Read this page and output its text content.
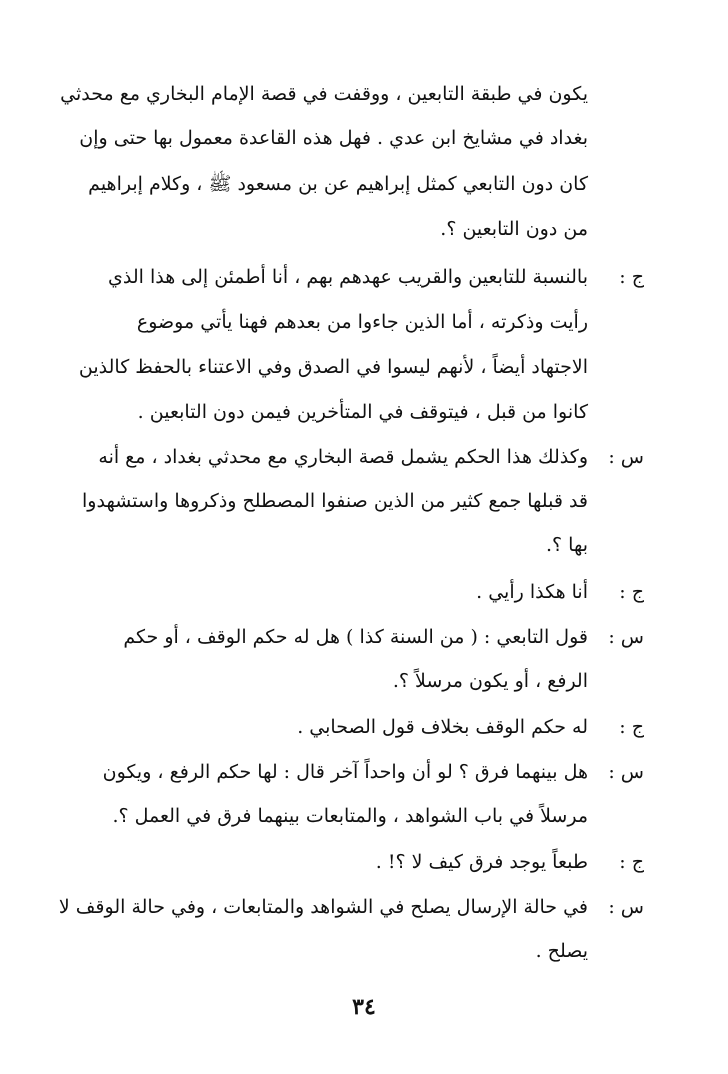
يكون في طبقة التابعين ، ووقفت في قصة الإمام البخاري مع محدثي
بغداد في مشايخ ابن عدي . فهل هذه القاعدة معمول بها حتى وإن
كان دون التابعي كمثل إبراهيم عن بن مسعود ﷺ ، وكلام إبراهيم
من دون التابعين ؟.
ج :
بالنسبة للتابعين والقريب عهدهم بهم ، أنا أطمئن إلى هذا الذي
رأيت وذكرته ، أما الذين جاءوا من بعدهم فهنا يأتي موضوع
الاجتهاد أيضاً ، لأنهم ليسوا في الصدق وفي الاعتناء بالحفظ كالذين
كانوا من قبل ، فيتوقف في المتأخرين فيمن دون التابعين .
س :
وكذلك هذا الحكم يشمل قصة البخاري مع محدثي بغداد ، مع أنه
قد قبلها جمع كثير من الذين صنفوا المصطلح وذكروها واستشهدوا
بها ؟.
ج :
أنا هكذا رأيي .
س :
قول التابعي : ( من السنة كذا ) هل له حكم الوقف ، أو حكم
الرفع ، أو يكون مرسلاً ؟.
ج :
له حكم الوقف بخلاف قول الصحابي .
س :
هل بينهما فرق ؟ لو أن واحداً آخر قال : لها حكم الرفع ، ويكون
مرسلاً في باب الشواهد ، والمتابعات بينهما فرق في العمل ؟.
ج :
طبعاً يوجد فرق كيف لا ؟! .
س :
في حالة الإرسال يصلح في الشواهد والمتابعات ، وفي حالة الوقف لا
يصلح .
٣٤
